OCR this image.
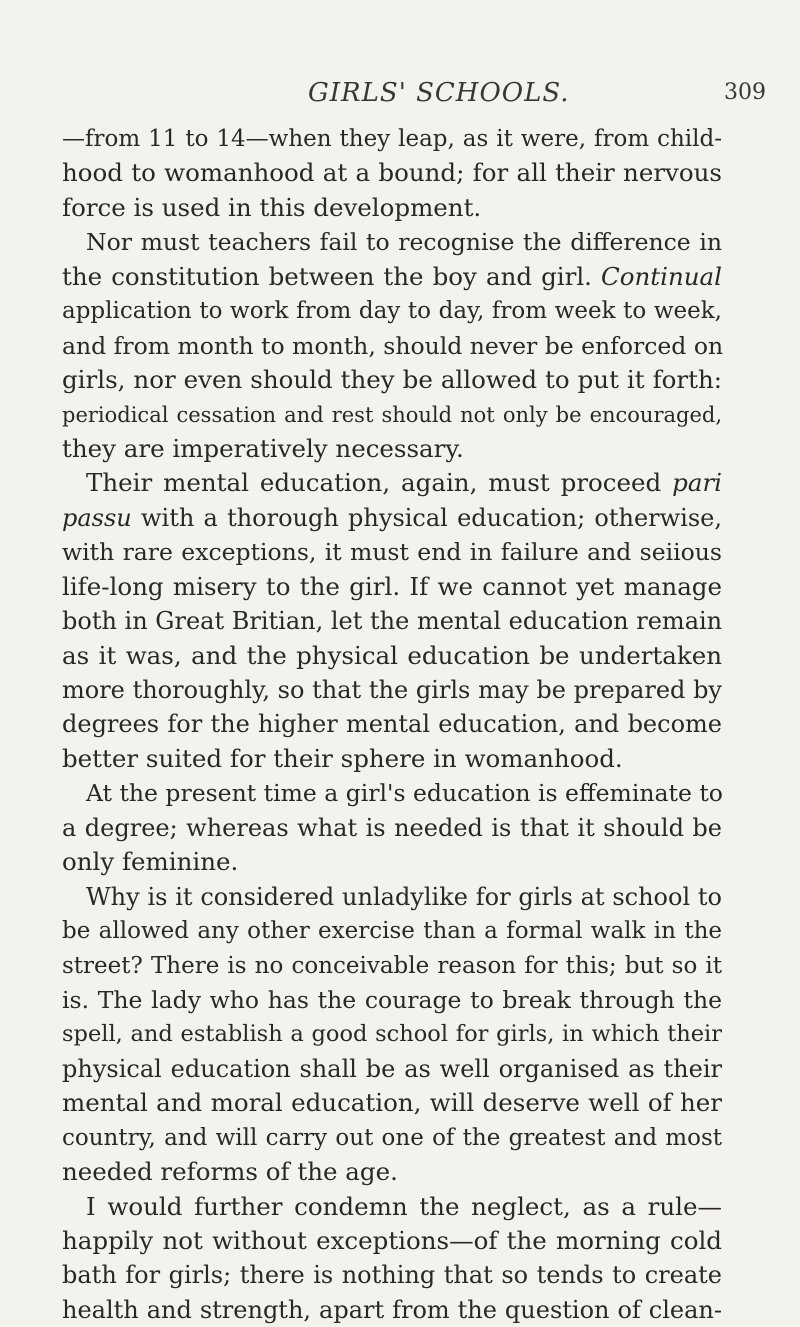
GIRLS' SCHOOLS.	309
—from 11 to 14—when they leap, as it were, from child-
hood to womanhood at a bound; for all their nervous
force is used in this development.
Nor must teachers fail to recognise the difference in
the constitution between the boy and girl. Continual
application to work from day to day, from week to week,
and from month to month, should never be enforced on
girls, nor even should they be allowed to put it forth:
periodical cessation and rest should not only be encouraged,
they are imperatively necessary.
Their mental education, again, must proceed pari
passu with a thorough physical education; otherwise,
with rare exceptions, it must end in failure and seiious
life-long misery to the girl. If we cannot yet manage
both in Great Britian, let the mental education remain
as it was, and the physical education be undertaken
more thoroughly, so that the girls may be prepared by
degrees for the higher mental education, and become
better suited for their sphere in womanhood.
At the present time a girl's education is effeminate to
a degree; whereas what is needed is that it should be
only feminine.
Why is it considered unladylike for girls at school to
be allowed any other exercise than a formal walk in the
street? There is no conceivable reason for this; but so it
is. The lady who has the courage to break through the
spell, and establish a good school for girls, in which their
physical education shall be as well organised as their
mental and moral education, will deserve well of her
country, and will carry out one of the greatest and most
needed reforms of the age.
I would further condemn the neglect, as a rule—
happily not without exceptions—of the morning cold
bath for girls; there is nothing that so tends to create
health and strength, apart from the question of clean-
